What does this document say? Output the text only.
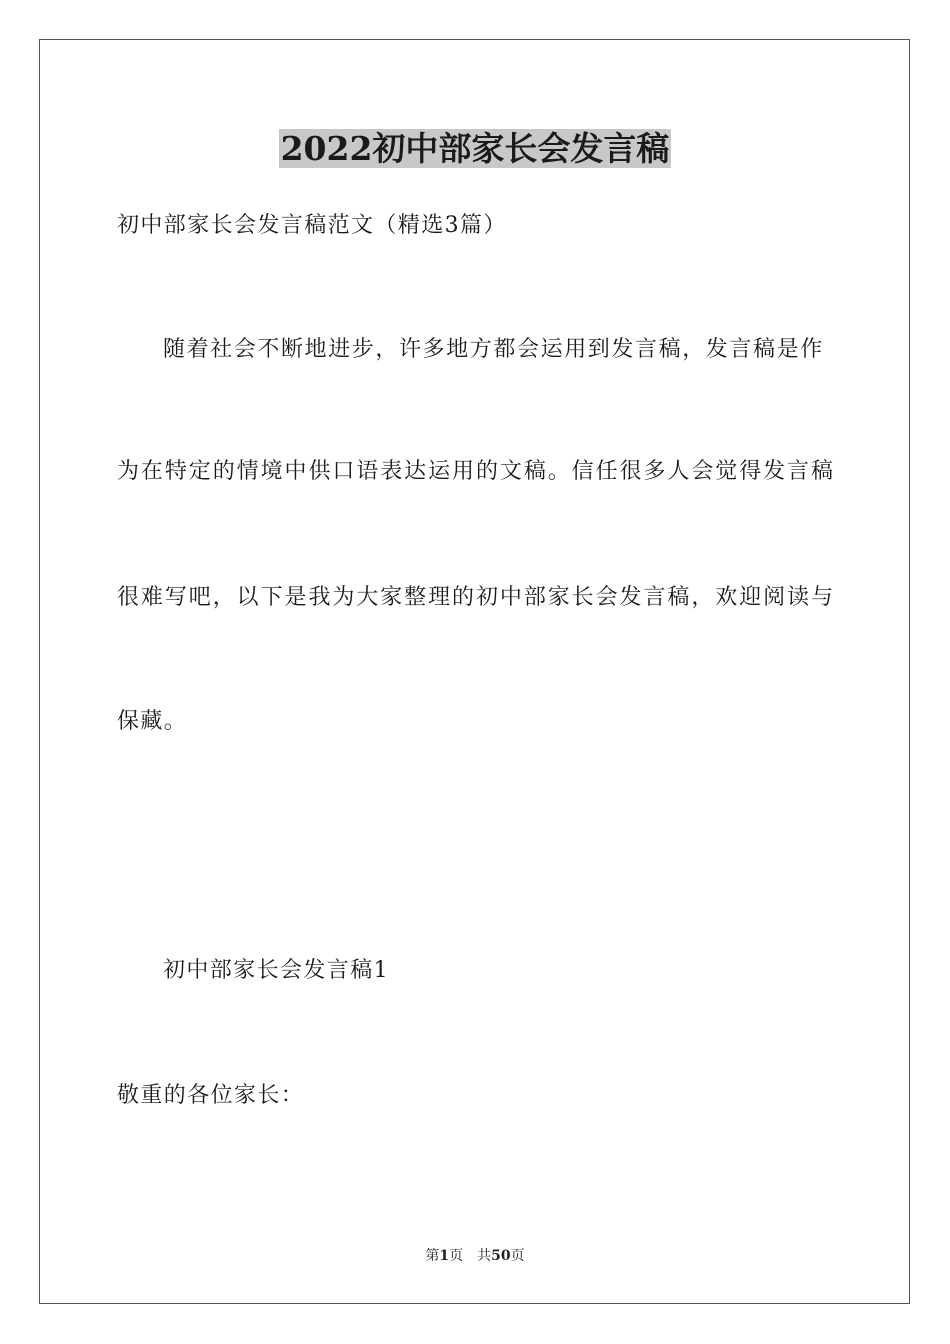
2022初中部家长会发言稿
初中部家长会发言稿范文（精选3篇）
随着社会不断地进步，许多地方都会运用到发言稿，发言稿是作
为在特定的情境中供口语表达运用的文稿。信任很多人会觉得发言稿
很难写吧，以下是我为大家整理的初中部家长会发言稿，欢迎阅读与
保藏。
初中部家长会发言稿1
敬重的各位家长：
第1页 共50页
